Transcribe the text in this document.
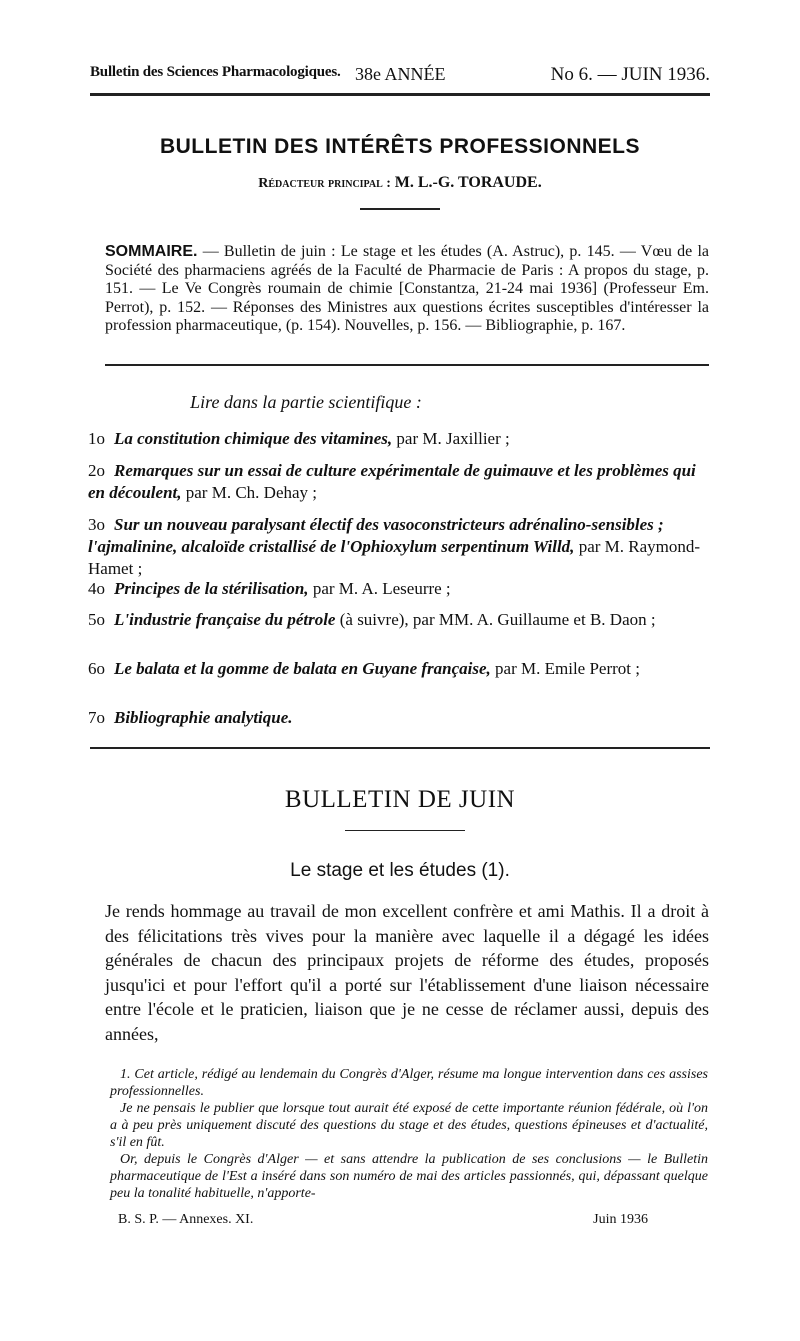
Bulletin des Sciences Pharmacologiques. 38e ANNÉE	No 6. — JUIN 1936.
BULLETIN DES INTÉRÊTS PROFESSIONNELS
Rédacteur principal : M. L.-G. TORAUDE.
SOMMAIRE. — Bulletin de juin : Le stage et les études (A. Astruc), p. 145. — Vœu de la Société des pharmaciens agréés de la Faculté de Pharmacie de Paris : A propos du stage, p. 151. — Le Ve Congrès roumain de chimie [Constantza, 21-24 mai 1936] (Professeur Em. Perrot), p. 152. — Réponses des Ministres aux questions écrites susceptibles d'intéresser la profession pharmaceutique, (p. 154). Nouvelles, p. 156. — Bibliographie, p. 167.
Lire dans la partie scientifique :
1o La constitution chimique des vitamines, par M. Jaxillier ;
2o Remarques sur un essai de culture expérimentale de guimauve et les problèmes qui en découlent, par M. Ch. Dehay ;
3o Sur un nouveau paralysant électif des vasoconstricteurs adrénalino-sensibles ; l'ajmalinine, alcaloïde cristallisé de l'Ophioxylum serpentinum Willd, par M. Raymond-Hamet ;
4o Principes de la stérilisation, par M. A. Leseurre ;
5o L'industrie française du pétrole (à suivre), par MM. A. Guillaume et B. Daon ;
6o Le balata et la gomme de balata en Guyane française, par M. Emile Perrot ;
7o Bibliographie analytique.
BULLETIN DE JUIN
Le stage et les études (1).
Je rends hommage au travail de mon excellent confrère et ami Mathis. Il a droit à des félicitations très vives pour la manière avec laquelle il a dégagé les idées générales de chacun des principaux projets de réforme des études, proposés jusqu'ici et pour l'effort qu'il a porté sur l'établissement d'une liaison nécessaire entre l'école et le praticien, liaison que je ne cesse de réclamer aussi, depuis des années,

1. Cet article, rédigé au lendemain du Congrès d'Alger, résume ma longue intervention dans ces assises professionnelles.

Je ne pensais le publier que lorsque tout aurait été exposé de cette importante réunion fédérale, où l'on a à peu près uniquement discuté des questions du stage et des études, questions épineuses et d'actualité, s'il en fût.

Or, depuis le Congrès d'Alger — et sans attendre la publication de ses conclusions — le Bulletin pharmaceutique de l'Est a inséré dans son numéro de mai des articles passionnés, qui, dépassant quelque peu la tonalité habituelle, n'apporte-

B. S. P. — Annexes. XI.	Juin 1936
